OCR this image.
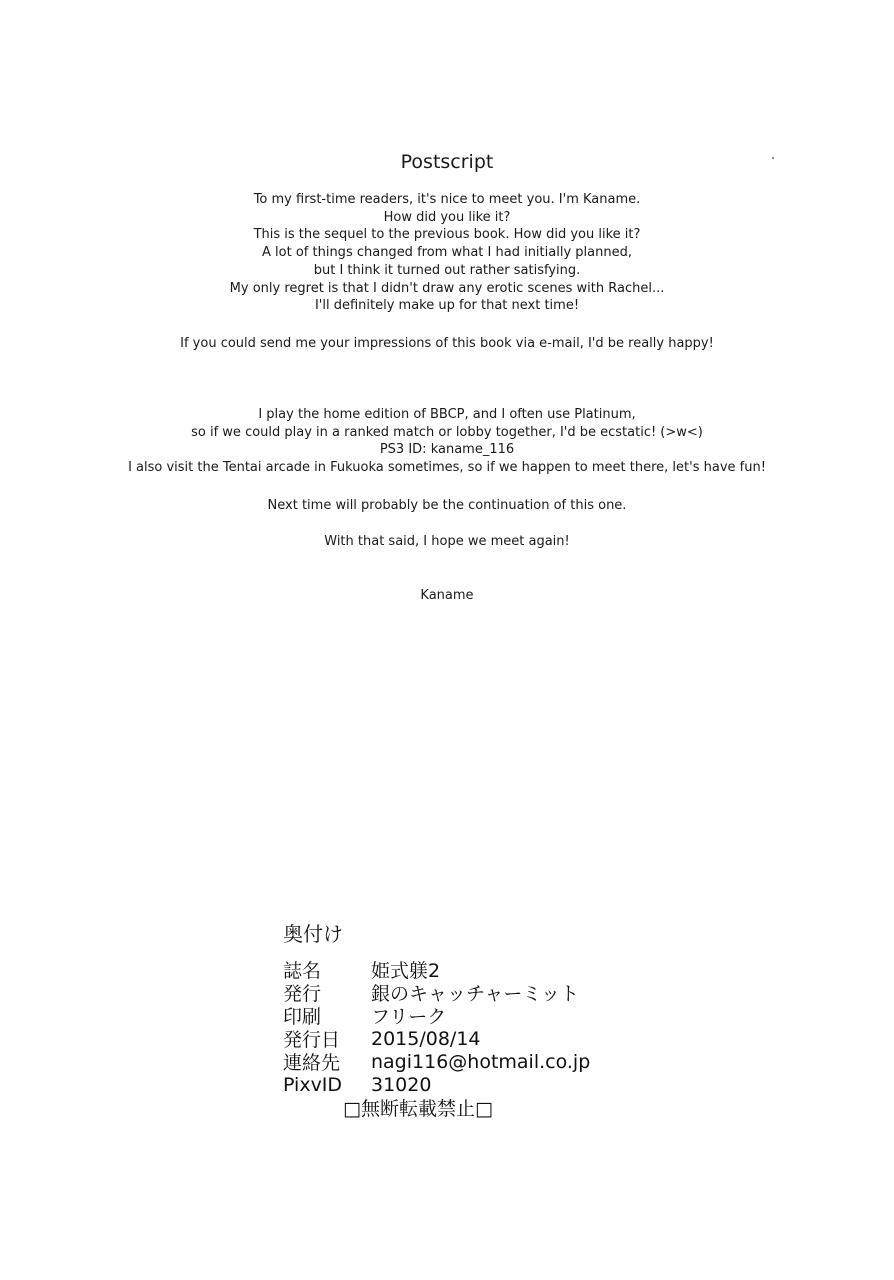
Postscript
To my first-time readers, it's nice to meet you. I'm Kaname.
How did you like it?
This is the sequel to the previous book. How did you like it?
A lot of things changed from what I had initially planned,
but I think it turned out rather satisfying.
My only regret is that I didn't draw any erotic scenes with Rachel...
I'll definitely make up for that next time!
If you could send me your impressions of this book via e-mail, I'd be really happy!
I play the home edition of BBCP, and I often use Platinum,
so if we could play in a ranked match or lobby together, I'd be ecstatic! (>w<)
PS3 ID: kaname_116
I also visit the Tentai arcade in Fukuoka sometimes, so if we happen to meet there, let's have fun!
Next time will probably be the continuation of this one.
With that said, I hope we meet again!
Kaname
奥付け
誌名	姫式躾2
発行	銀のキャッチャーミット
印刷	フリーク
発行日	2015/08/14
連絡先	nagi116@hotmail.co.jp
PixvID	31020
□無断転載禁止□
